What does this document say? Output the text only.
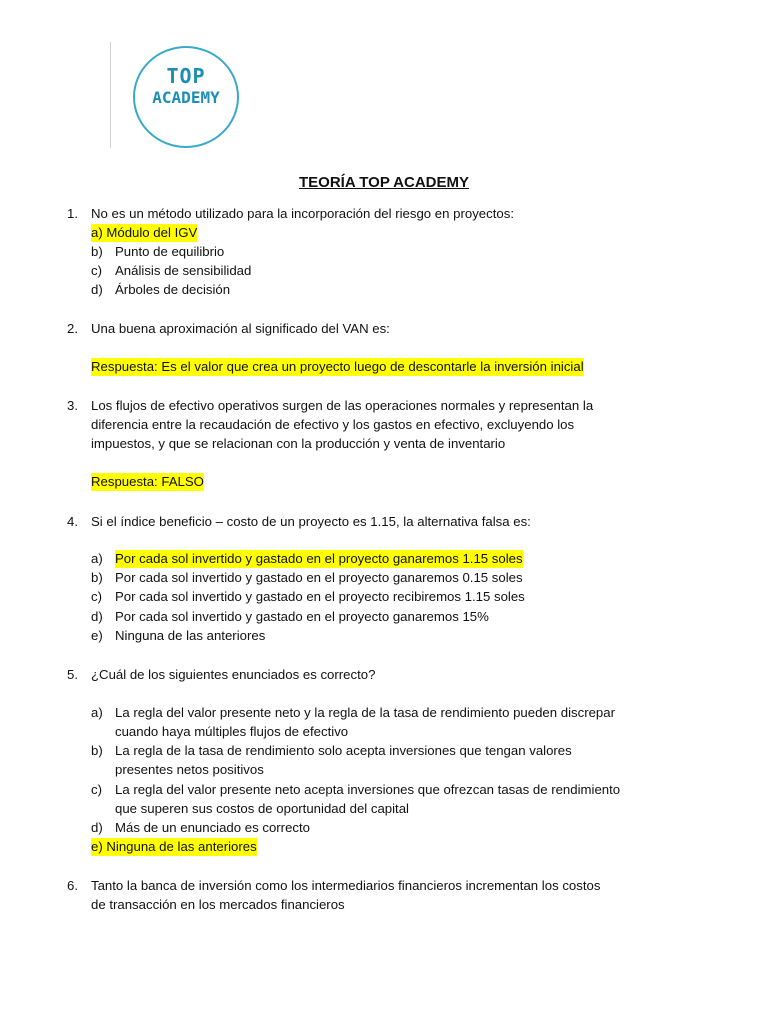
TOP
ACADEMY
TEORÍA TOP ACADEMY
1. No es un método utilizado para la incorporación del riesgo en proyectos:
a) Módulo del IGV
b) Punto de equilibrio
c) Análisis de sensibilidad
d) Árboles de decisión
2. Una buena aproximación al significado del VAN es:
Respuesta: Es el valor que crea un proyecto luego de descontarle la inversión inicial
3. Los flujos de efectivo operativos surgen de las operaciones normales y representan la
diferencia entre la recaudación de efectivo y los gastos en efectivo, excluyendo los
impuestos, y que se relacionan con la producción y venta de inventario
Respuesta: FALSO
4. Si el índice beneficio – costo de un proyecto es 1.15, la alternativa falsa es:
a) Por cada sol invertido y gastado en el proyecto ganaremos 1.15 soles
b) Por cada sol invertido y gastado en el proyecto ganaremos 0.15 soles
c) Por cada sol invertido y gastado en el proyecto recibiremos 1.15 soles
d) Por cada sol invertido y gastado en el proyecto ganaremos 15%
e) Ninguna de las anteriores
5. ¿Cuál de los siguientes enunciados es correcto?
a) La regla del valor presente neto y la regla de la tasa de rendimiento pueden discrepar
cuando haya múltiples flujos de efectivo
b) La regla de la tasa de rendimiento solo acepta inversiones que tengan valores
presentes netos positivos
c) La regla del valor presente neto acepta inversiones que ofrezcan tasas de rendimiento
que superen sus costos de oportunidad del capital
d) Más de un enunciado es correcto
e) Ninguna de las anteriores
6. Tanto la banca de inversión como los intermediarios financieros incrementan los costos
de transacción en los mercados financieros
